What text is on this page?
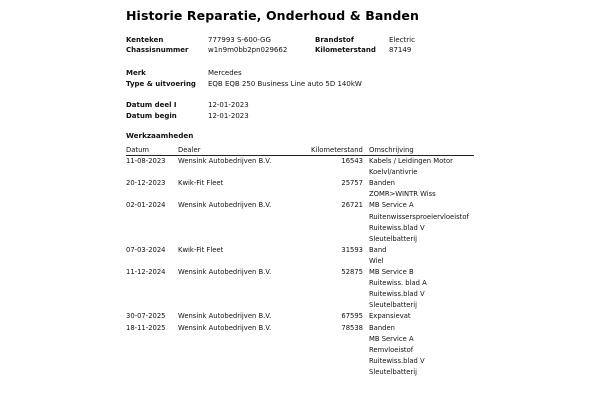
Historie Reparatie, Onderhoud & Banden
Kenteken	777993 S-600-GG	Brandstof	Electric
Chassisnummer	w1n9m0bb2pn029662	Kilometerstand 87149
Merk	Mercedes
Type & uitvoering EQB EQB 250 Business Line auto 5D 140kW
Datum deel I	12-01-2023
Datum begin	12-01-2023
Werkzaamheden
Datum	Dealer	Kilometerstand Omschrijving
11-08-2023 Wensink Autobedrijven B.V.	16543 Kabels / Leidingen Motor
Koelvl/antivrie
20-12-2023 Kwik-Fit Fleet	25757 Banden
ZOMR>WINTR Wiss
02-01-2024 Wensink Autobedrijven B.V.	26721 MB Service A
Ruitenwissersproeiervloeistof
Ruitewiss.blad V
Sleutelbatterij
07-03-2024 Kwik-Fit Fleet	31593 Band
Wiel
11-12-2024 Wensink Autobedrijven B.V.	52875 MB Service B
Ruitewiss. blad A
Ruitewiss.blad V
Sleutelbatterij
30-07-2025 Wensink Autobedrijven B.V.	67595 Expansievat
18-11-2025 Wensink Autobedrijven B.V.	78538 Banden
MB Service A
Remvloeistof
Ruitewiss.blad V
Sleutelbatterij
